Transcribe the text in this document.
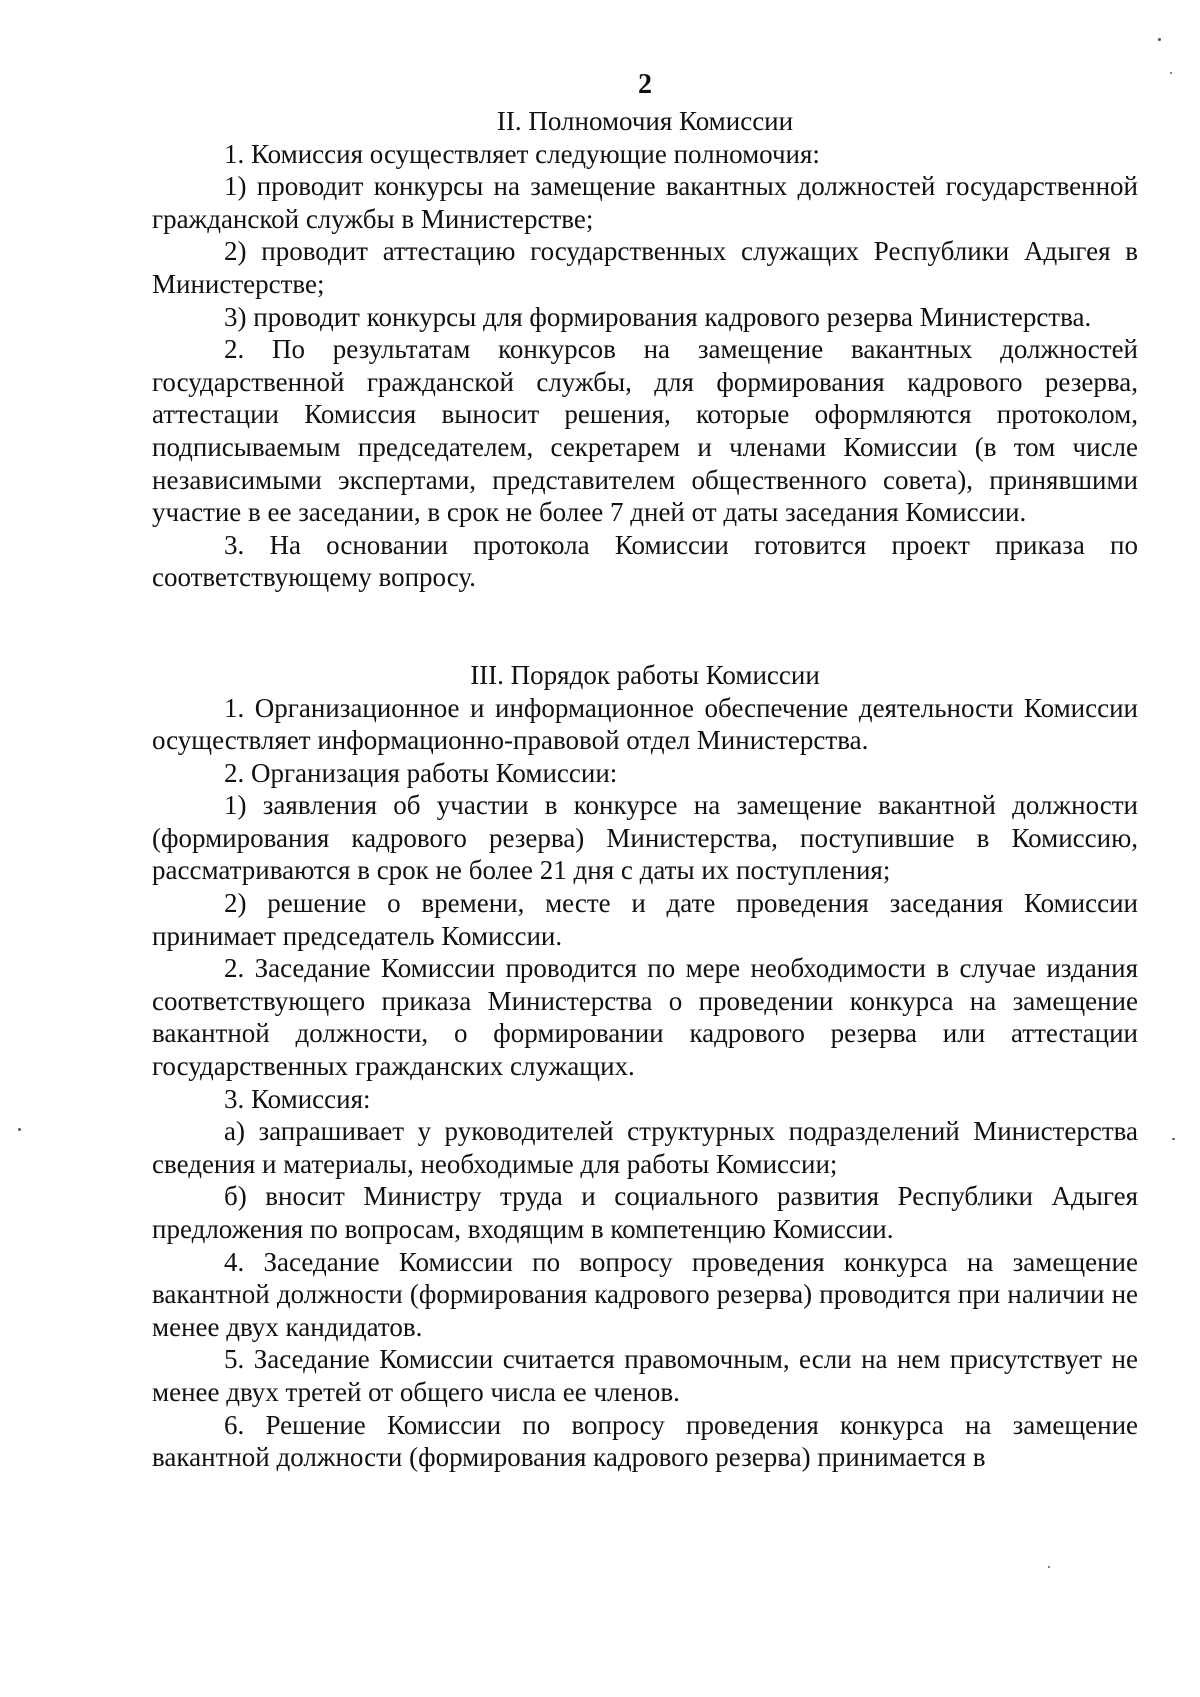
2
II. Полномочия Комиссии
1. Комиссия осуществляет следующие полномочия:
1) проводит конкурсы на замещение вакантных должностей государственной гражданской службы в Министерстве;
2) проводит аттестацию государственных служащих Республики Адыгея в Министерстве;
3) проводит конкурсы для формирования кадрового резерва Министерства.
2. По результатам конкурсов на замещение вакантных должностей государственной гражданской службы, для формирования кадрового резерва, аттестации Комиссия выносит решения, которые оформляются протоколом, подписываемым председателем, секретарем и членами Комиссии (в том числе независимыми экспертами, представителем общественного совета), принявшими участие в ее заседании, в срок не более 7 дней от даты заседания Комиссии.
3. На основании протокола Комиссии готовится проект приказа по соответствующему вопросу.
III. Порядок работы Комиссии
1. Организационное и информационное обеспечение деятельности Комиссии осуществляет информационно-правовой отдел Министерства.
2. Организация работы Комиссии:
1) заявления об участии в конкурсе на замещение вакантной должности (формирования кадрового резерва) Министерства, поступившие в Комиссию, рассматриваются в срок не более 21 дня с даты их поступления;
2) решение о времени, месте и дате проведения заседания Комиссии принимает председатель Комиссии.
2. Заседание Комиссии проводится по мере необходимости в случае издания соответствующего приказа Министерства о проведении конкурса на замещение вакантной должности, о формировании кадрового резерва или аттестации государственных гражданских служащих.
3. Комиссия:
а) запрашивает у руководителей структурных подразделений Министерства сведения и материалы, необходимые для работы Комиссии;
б) вносит Министру труда и социального развития Республики Адыгея предложения по вопросам, входящим в компетенцию Комиссии.
4. Заседание Комиссии по вопросу проведения конкурса на замещение вакантной должности (формирования кадрового резерва) проводится при наличии не менее двух кандидатов.
5. Заседание Комиссии считается правомочным, если на нем присутствует не менее двух третей от общего числа ее членов.
6. Решение Комиссии по вопросу проведения конкурса на замещение вакантной должности (формирования кадрового резерва) принимается в
